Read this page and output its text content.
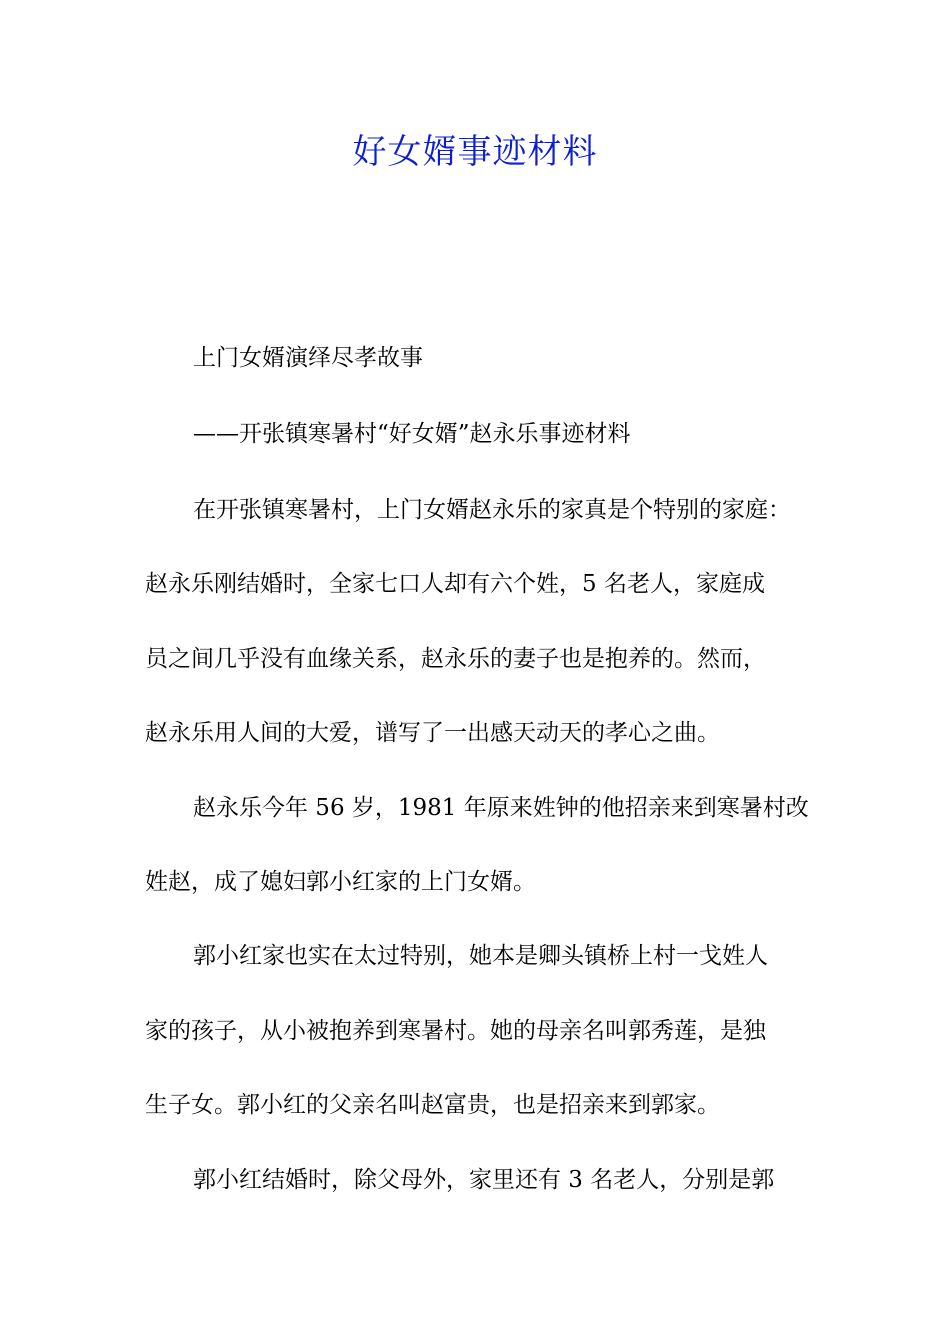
好女婿事迹材料
上门女婿演绎尽孝故事
——开张镇寒暑村“好女婿”赵永乐事迹材料
在开张镇寒暑村，上门女婿赵永乐的家真是个特别的家庭：
赵永乐刚结婚时，全家七口人却有六个姓，5 名老人，家庭成
员之间几乎没有血缘关系，赵永乐的妻子也是抱养的。然而，
赵永乐用人间的大爱，谱写了一出感天动天的孝心之曲。
赵永乐今年 56 岁，1981 年原来姓钟的他招亲来到寒暑村改
姓赵，成了媳妇郭小红家的上门女婿。
郭小红家也实在太过特别，她本是卿头镇桥上村一戈姓人
家的孩子，从小被抱养到寒暑村。她的母亲名叫郭秀莲，是独
生子女。郭小红的父亲名叫赵富贵，也是招亲来到郭家。
郭小红结婚时，除父母外，家里还有 3 名老人，分别是郭
